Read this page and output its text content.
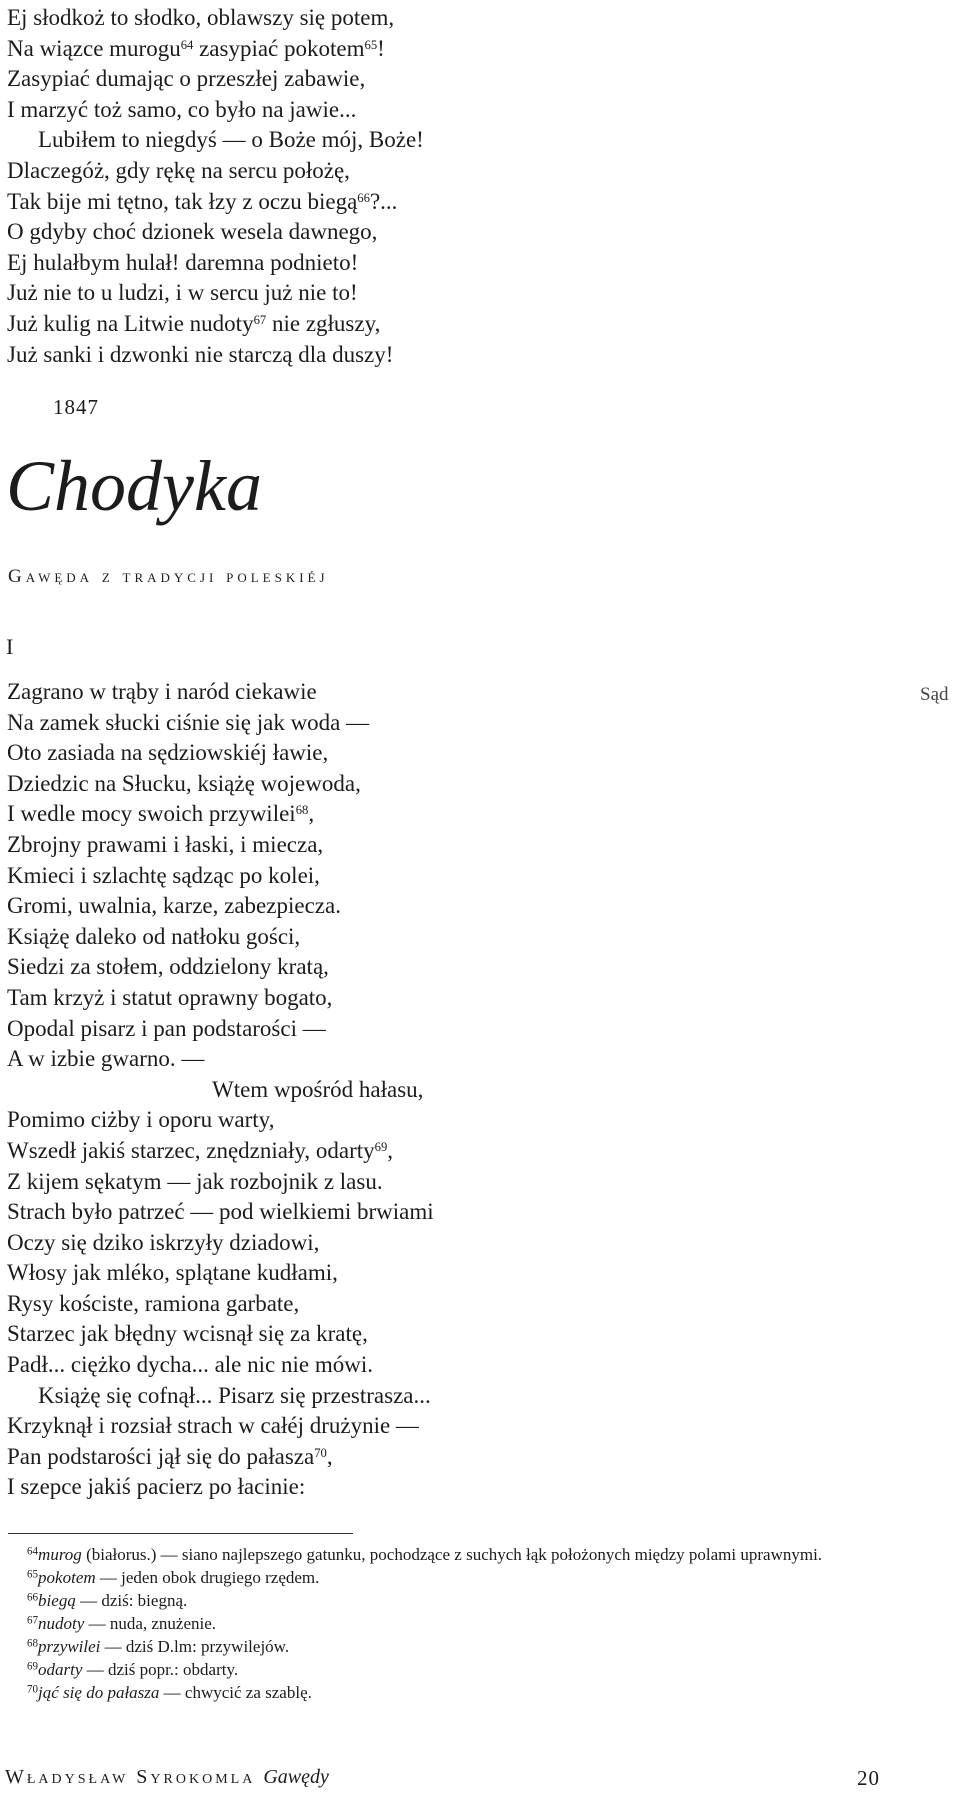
Ej słodkoż to słodko, oblawszy się potem,
Na wiązce murogu$^{64}$ zasypiać pokotem$^{65}$!
Zasypiać dumając o przeszłej zabawie,
I marzyć toż samo, co było na jawie...
Lubiłem to niegdyś — o Boże mój, Boże!
Dlaczegóż, gdy rękę na sercu położę,
Tak bije mi tętno, tak łzy z oczu biegą$^{66}$?...
O gdyby choć dzionek wesela dawnego,
Ej hulałbym hulał! daremna podnieto!
Już nie to u ludzi, i w sercu już nie to!
Już kulig na Litwie nudoty$^{67}$ nie zgłuszy,
Już sanki i dzwonki nie starczą dla duszy!
1847
Chodyka
Gawęda z tradycji poleskiéj
I
Sąd
Zagrano w trąby i naród ciekawie
Na zamek słucki ciśnie się jak woda —
Oto zasiada na sędziowskiéj ławie,
Dziedzic na Słucku, książę wojewoda,
I wedle mocy swoich przywilei$^{68}$,
Zbrojny prawami i łaski, i miecza,
Kmieci i szlachtę sądząc po kolei,
Gromi, uwalnia, karze, zabezpiecza.
Książę daleko od natłoku gości,
Siedzi za stołem, oddzielony kratą,
Tam krzyż i statut oprawny bogato,
Opodal pisarz i pan podstarości —
A w izbie gwarno. —
Wtem wpośród hałasu,
Pomimo ciżby i oporu warty,
Wszedł jakiś starzec, znędzniały, odarty$^{69}$,
Z kijem sękatym — jak rozbojnik z lasu.
Strach było patrzeć — pod wielkiemi brwiami
Oczy się dziko iskrzyły dziadowi,
Włosy jak mléko, splątane kudłami,
Rysy kościste, ramiona garbate,
Starzec jak błędny wcisnął się za kratę,
Padł... ciężko dycha... ale nic nie mówi.
Książę się cofnął... Pisarz się przestrasza...
Krzyknął i rozsiał strach w całéj drużynie —
Pan podstarości jął się do pałasza$^{70}$,
I szepce jakiś pacierz po łacinie:
$^{64}$murog (białorus.) — siano najlepszego gatunku, pochodzące z suchych łąk położonych między polami uprawnymi.
$^{65}$pokotem — jeden obok drugiego rzędem.
$^{66}$biegą — dziś: biegną.
$^{67}$nudoty — nuda, znużenie.
$^{68}$przywilei — dziś D.lm: przywilejów.
$^{69}$odarty — dziś popr.: obdarty.
$^{70}$jąć się do pałasza — chwycić za szablę.
Władysław Syrokomla Gawędy	20
